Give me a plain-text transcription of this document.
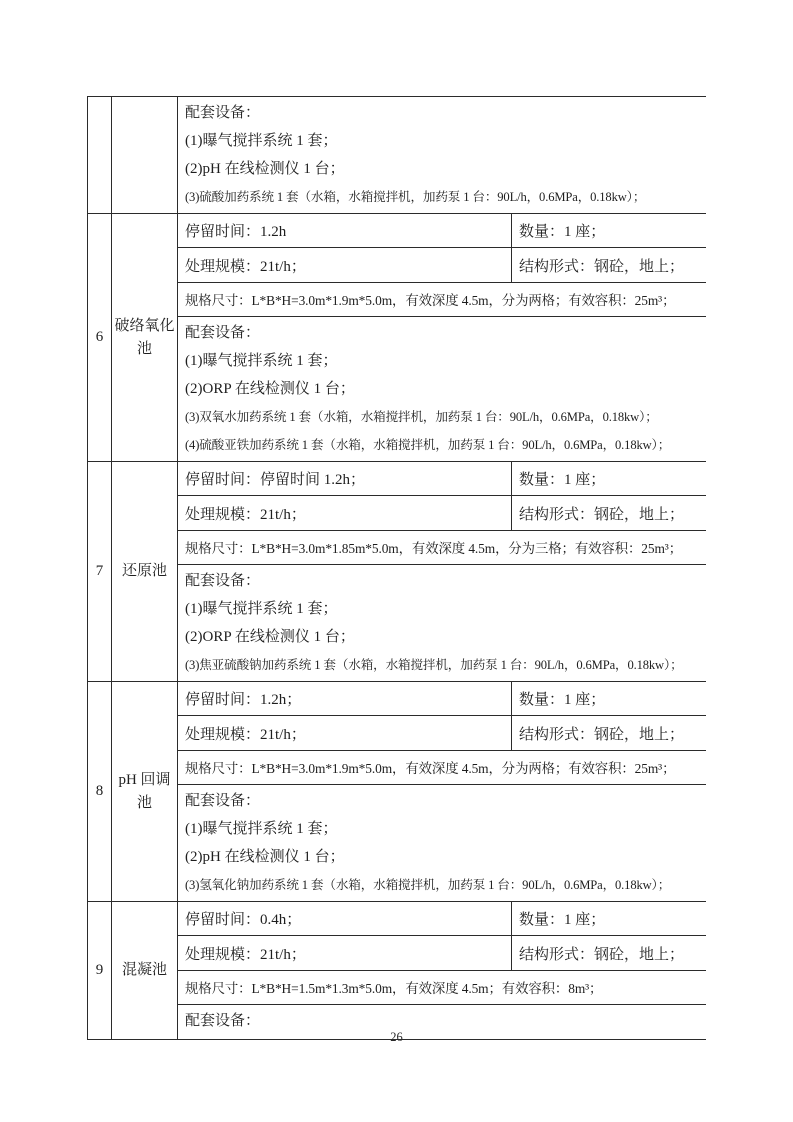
		配套设备：
(1)曝气搅拌系统 1 套；
(2)pH 在线检测仪 1 台；
(3)硫酸加药系统 1 套（水箱，水箱搅拌机，加药泵 1 台：90L/h，0.6MPa，0.18kw）；	

6	破络氧化池	停留时间：1.2h	数量：1 座；
		处理规模：21t/h；	结构形式：钢砼，地上；
		规格尺寸：L*B*H=3.0m*1.9m*5.0m，有效深度 4.5m，分为两格；有效容积：25m³；	

		配套设备：
(1)曝气搅拌系统 1 套；
(2)ORP 在线检测仪 1 台；
(3)双氧水加药系统 1 套（水箱，水箱搅拌机，加药泵 1 台：90L/h，0.6MPa，0.18kw）；
(4)硫酸亚铁加药系统 1 套（水箱，水箱搅拌机，加药泵 1 台：90L/h，0.6MPa，0.18kw）；	

7	还原池	停留时间：停留时间 1.2h；	数量：1 座；
		处理规模：21t/h；	结构形式：钢砼，地上；
		规格尺寸：L*B*H=3.0m*1.85m*5.0m，有效深度 4.5m，分为三格；有效容积：25m³；	

		配套设备：
(1)曝气搅拌系统 1 套；
(2)ORP 在线检测仪 1 台；
(3)焦亚硫酸钠加药系统 1 套（水箱，水箱搅拌机，加药泵 1 台：90L/h，0.6MPa，0.18kw）；	

8	pH 回调池	停留时间：1.2h；	数量：1 座；
		处理规模：21t/h；	结构形式：钢砼，地上；
		规格尺寸：L*B*H=3.0m*1.9m*5.0m，有效深度 4.5m，分为两格；有效容积：25m³；	

		配套设备：
(1)曝气搅拌系统 1 套；
(2)pH 在线检测仪 1 台；
(3)氢氧化钠加药系统 1 套（水箱，水箱搅拌机，加药泵 1 台：90L/h，0.6MPa，0.18kw）；	

9	混凝池	停留时间：0.4h；	数量：1 座；
		处理规模：21t/h；	结构形式：钢砼，地上；
		规格尺寸：L*B*H=1.5m*1.3m*5.0m，有效深度 4.5m；有效容积：8m³；	

		配套设备：	
26
